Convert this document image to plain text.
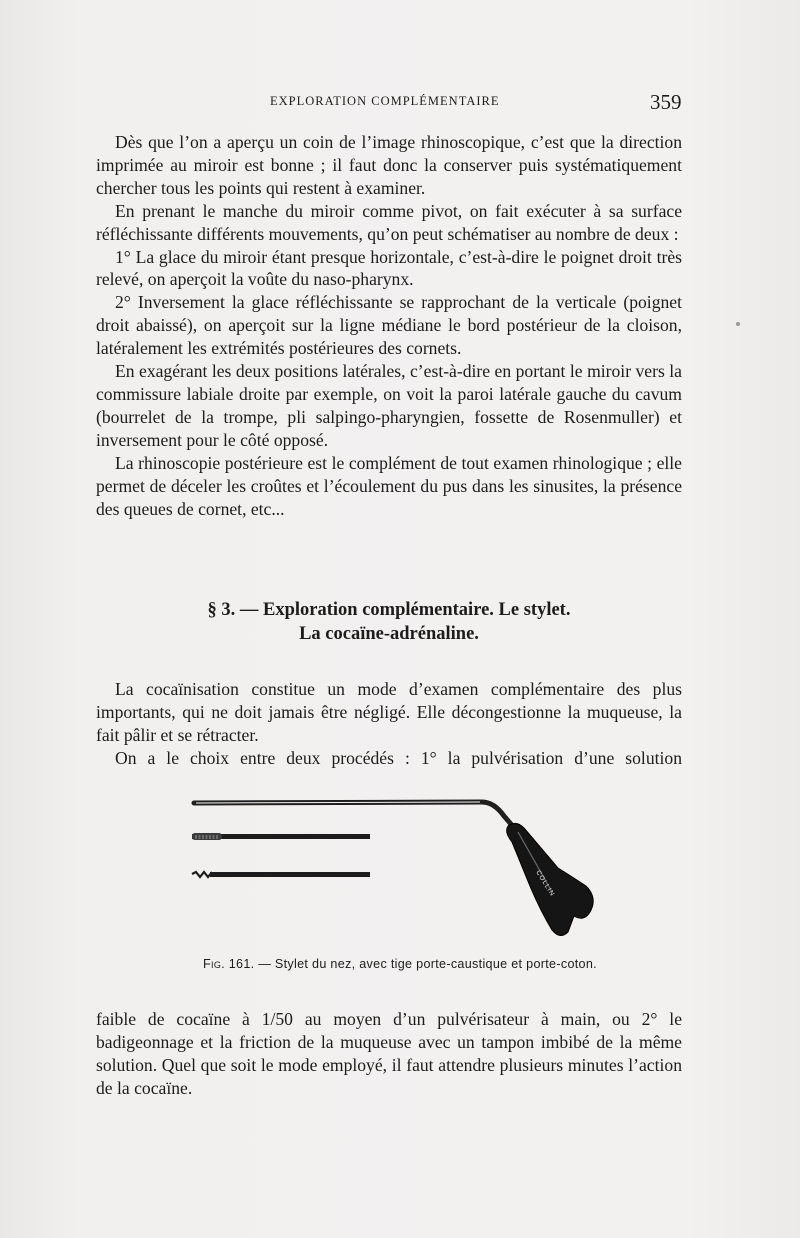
EXPLORATION COMPLÉMENTAIRE	359

Dès que l’on a aperçu un coin de l’image rhinoscopique, c’est que la direction imprimée au miroir est bonne ; il faut donc la conserver puis systématiquement chercher tous les points qui restent à examiner.

En prenant le manche du miroir comme pivot, on fait exécuter à sa surface réfléchissante différents mouvements, qu’on peut schématiser au nombre de deux :

1° La glace du miroir étant presque horizontale, c’est-à-dire le poignet droit très relevé, on aperçoit la voûte du naso-pharynx.

2° Inversement la glace réfléchissante se rapprochant de la verticale (poignet droit abaissé), on aperçoit sur la ligne médiane le bord postérieur de la cloison, latéralement les extrémités postérieures des cornets.

En exagérant les deux positions latérales, c’est-à-dire en portant le miroir vers la commissure labiale droite par exemple, on voit la paroi latérale gauche du cavum (bourrelet de la trompe, pli salpingo-pharyngien, fossette de Rosenmuller) et inversement pour le côté opposé.

La rhinoscopie postérieure est le complément de tout examen rhinologique ; elle permet de déceler les croûtes et l’écoulement du pus dans les sinusites, la présence des queues de cornet, etc...

§ 3. — Exploration complémentaire. Le stylet.
La cocaïne-adrénaline.

La cocaïnisation constitue un mode d’examen complémentaire des plus importants, qui ne doit jamais être négligé. Elle décongestionne la muqueuse, la fait pâlir et se rétracter.

On a le choix entre deux procédés : 1° la pulvérisation d’une solution

COLLIN
Fig. 161. — Stylet du nez, avec tige porte-caustique et porte-coton.

faible de cocaïne à 1/50 au moyen d’un pulvérisateur à main, ou 2° le badigeonnage et la friction de la muqueuse avec un tampon imbibé de la même solution. Quel que soit le mode employé, il faut attendre plusieurs minutes l’action de la cocaïne.
